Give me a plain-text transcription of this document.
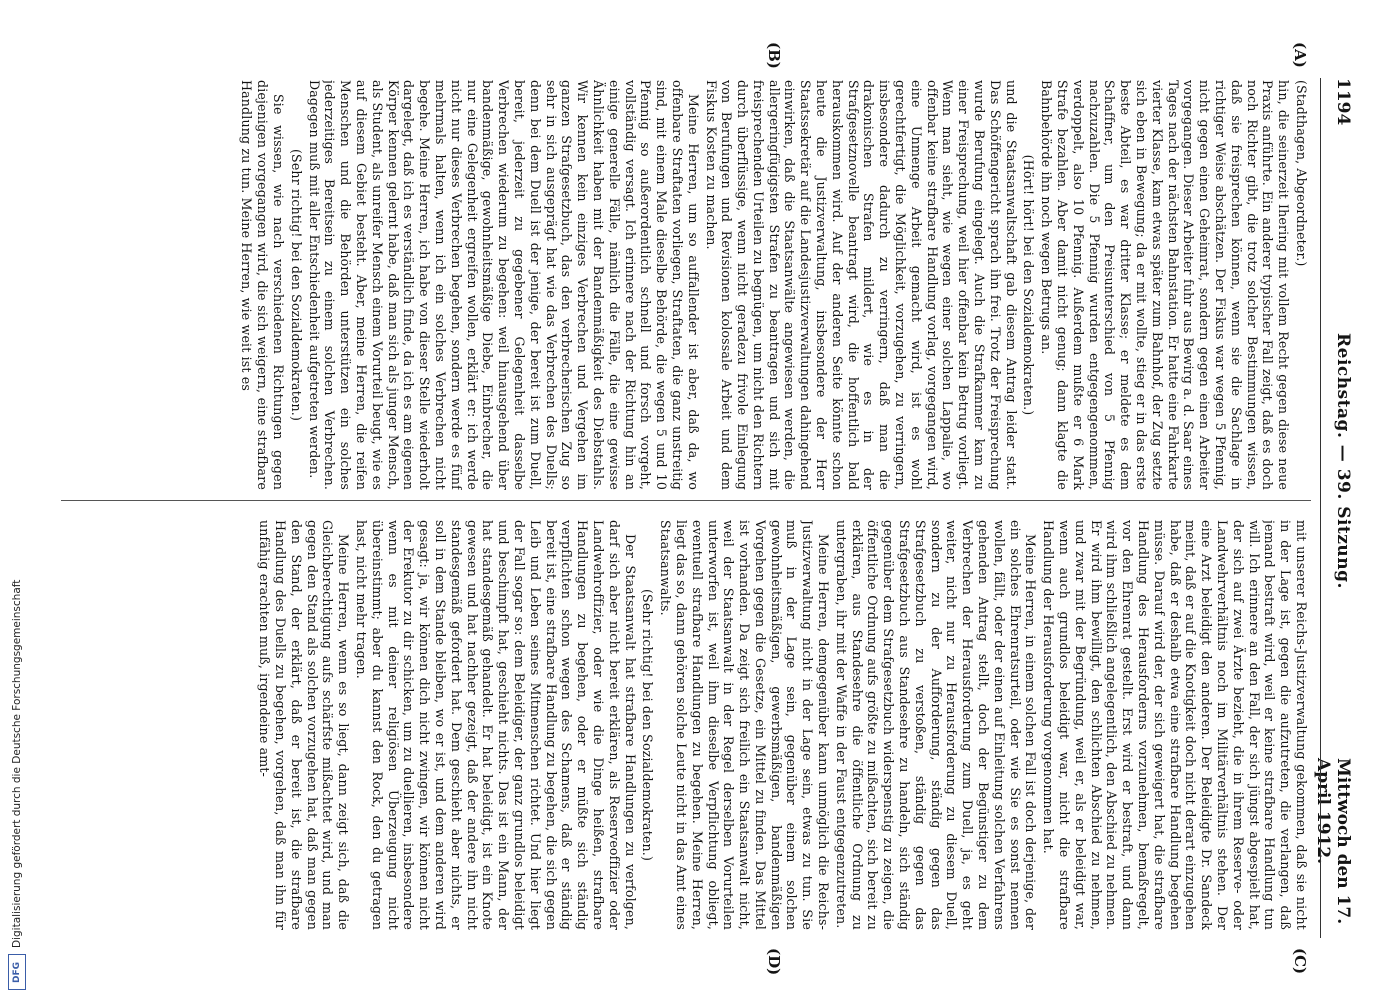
DFG
Digitalisierung gefördert durch die Deutsche Forschungsgemeinschaft
1194
Reichstag. — 39. Sitzung.
Mittwoch den 17. April 1912.
(A)
(B)
(C)
(D)

(Stadthagen, Abgeordneter.)

hin, die seinerzeit Ihering mit vollem Recht gegen diese neue Praxis anführte. Ein anderer typischer Fall zeigt, daß es doch noch Richter gibt, die trotz solcher Bestimmungen wissen, daß sie freisprechen können, wenn sie die Sachlage in richtiger Weise abschätzen. Der Fiskus war wegen 5 Pfennig, nicht gegen einen Geheimrat, sondern gegen einen Arbeiter vorgegangen. Dieser Arbeiter fuhr aus Bewirg a. d. Saar eines Tages nach der nächsten Bahnstation. Er hatte eine Fahrkarte vierter Klasse, kam etwas später zum Bahnhof, der Zug setzte sich eben in Bewegung; da er mit wollte, stieg er in das erste beste Abteil, es war dritter Klasse; er meldete es dem Schaffner, um den Preisunterschied von 5 Pfennig nachzuzahlen. Die 5 Pfennig wurden entgegengenommen, verdoppelt, also 10 Pfennig. Außerdem mußte er 6 Mark Strafe bezahlen. Aber damit nicht genug; dann klagte die Bahnbehörde ihn noch wegen Betrugs an.

(Hört! hört! bei den Sozialdemokraten.)

und die Staatsanwaltschaft gab diesem Antrag leider statt. Das Schöffengericht sprach ihn frei. Trotz der Freisprechung wurde Berufung eingelegt. Auch die Strafkammer kam zu einer Freisprechung, weil hier offenbar kein Betrug vorliegt. Wenn man sieht, wie wegen einer solchen Lappalie, wo offenbar keine strafbare Handlung vorlag, vorgegangen wird, eine Unmenge Arbeit gemacht wird, ist es wohl gerechtfertigt, die Möglichkeit, vorzugehen, zu verringern, insbesondere dadurch zu verringern, daß man die drakonischen Strafen mildert, wie es in der Strafgesetznovelle beantragt wird, die hoffentlich bald herauskommen wird. Auf der anderen Seite könnte schon heute die Justizverwaltung, insbesondere der Herr Staatssekretär auf die Landesjustizverwaltungen dahingehend einwirken, daß die Staatsanwälte angewiesen werden, die allergeringfügigsten Strafen zu beantragen und sich mit freisprechenden Urteilen zu begnügen, um nicht den Richtern durch überflüssige, wenn nicht geradezu frivole Einlegung von Berufungen und Revisionen kolossale Arbeit und dem Fiskus Kosten zu machen.

Meine Herren, um so auffallender ist aber, daß da, wo offenbare Straftaten vorliegen, Straftaten, die ganz unstreitig sind, mit einem Male dieselbe Behörde, die wegen 5 und 10 Pfennig so außerordentlich schnell und forsch vorgeht, vollständig versagt. Ich erinnere nach der Richtung hin an einige generelle Fälle, nämlich die Fälle, die eine gewisse Ähnlichkeit haben mit der Bandenmäßigkeit des Diebstahls. Wir kennen kein einziges Verbrechen und Vergehen im ganzen Strafgesetzbuch, das den verbrecherischen Zug so sehr in sich ausgeprägt hat wie das Verbrechen des Duells; denn bei dem Duell ist der jenige, der bereit ist zum Duell, bereit, jederzeit zu gegebener Gelegenheit dasselbe Verbrechen wiederum zu begehen: weil hinausgehend über bandenmäßige, gewohnheitsmäßige Diebe, Einbrecher, die nur eine Gelegenheit ergreifen wollen, erklärt er: ich werde nicht nur dieses Verbrechen begehen, sondern werde es fünf mehrmals halten, wenn ich ein solches Verbrechen nicht begehe. Meine Herren, ich habe von dieser Stelle wiederholt dargelegt, daß ich es verständlich finde, da ich es am eigenen Körper kennen gelernt habe, daß man sich als junger Mensch, als Student, als unreifer Mensch einem Vorurteil beugt, wie es auf diesem Gebiet besteht. Aber, meine Herren, die reifen Menschen und die Behörden unterstützen ein solches jederzeitiges Bereitsein zu einem solchen Verbrechen. Dagegen muß mit aller Entschiedenheit aufgetreten werden.

(Sehr richtig! bei den Sozialdemokraten.)

Sie wissen, wie nach verschiedenen Richtungen gegen diejenigen vorgegangen wird, die sich weigern, eine strafbare Handlung zu tun. Meine Herren, wie weit ist es

mit unserer Reichs-Justizverwaltung gekommen, daß sie nicht in der Lage ist, gegen die aufzutreten, die verlangen, daß jemand bestraft wird, weil er keine strafbare Handlung tun will. Ich erinnere an den Fall, der sich jüngst abgespielt hat, der sich auf zwei Ärzte bezieht, die in ihrem Reserve- oder Landwehrverhältnis noch im Militärverhältnis stehen. Der eine Arzt beleidigt den anderen. Der Beleidigte Dr. Sandeck meint, daß er auf die Knotigkeit doch nicht derart einzugehen habe, daß er deshalb etwa eine strafbare Handlung begehen müsse. Darauf wird der, der sich geweigert hat, die strafbare Handlung des Herausforderns vorzunehmen, bemaßregelt, vor den Ehrenrat gestellt. Erst wird er bestraft, und dann wird ihm schließlich angelegentlich, den Abschied zu nehmen. Er wird ihm bewilligt, den schlichten Abschied zu nehmen, und zwar mit der Begründung, weil er, als er beleidigt war, wenn auch grundlos beleidigt war, nicht die strafbare Handlung der Herausforderung vorgenommen hat.

Meine Herren, in einem solchen Fall ist doch derjenige, der ein solches Ehrenratsurteil, oder wie Sie es sonst nennen wollen, fällt, oder der einen auf Einleitung solchen Verfahrens gehenden Antrag stellt, doch der Begünstiger zu dem Verbrechen der Herausforderung zum Duell, ja, es geht weiter, nicht nur zu Herausforderung zu diesem Duell, sondern zu der Aufforderung, ständig gegen das Strafgesetzbuch zu verstoßen, ständig gegen das Strafgesetzbuch aus Standesehre zu handeln, sich ständig gegenüber dem Strafgesetzbuch widerspenstig zu zeigen, die öffentliche Ordnung aufs größte zu mißachten, sich bereit zu erklären, aus Standesehre die öffentliche Ordnung zu untergraben, ihr mit der Waffe in der Faust entgegenzutreten.

Meine Herren, demgegenüber kann unmöglich die Reichs-Justizverwaltung nicht in der Lage sein, etwas zu tun. Sie muß in der Lage sein, gegenüber einem solchen gewohnheitsmäßigen, gewerbsmäßigen, bandenmäßigen Vorgehen gegen die Gesetze, ein Mittel zu finden. Das Mittel ist vorhanden. Da zeigt sich freilich ein Staatsanwalt nicht, weil der Staatsanwalt in der Regel derselben Vorurteilen unterworfen ist, weil ihm dieselbe Verpflichtung obliegt, eventuell strafbare Handlungen zu begehen. Meine Herren, liegt das so, dann gehören solche Leute nicht in das Amt eines Staatsanwalts.

(Sehr richtig! bei den Sozialdemokraten.)

Der Staatsanwalt hat strafbare Handlungen zu verfolgen, darf sich aber nicht bereit erklären, als Reserveoffizier oder Landwehroffizier, oder wie die Dinge heißen, strafbare Handlungen zu begehen, oder er müßte sich ständig verpflichten schon wegen des Schamens, daß er ständig bereit ist, eine strafbare Handlung zu begehen, die sich gegen Leib und Leben seines Mitmenschen richtet. Und hier liegt der Fall sogar so: dem Beleidiger, der ganz grundlos beleidigt und beschimpft hat, geschieht nichts. Das ist ein Mann, der hat standesgemäß gehandelt. Er hat beleidigt, ist ein Knote gewesen und hat nachher gezeigt, daß der andere ihn nicht standesgemäß gefordert hat. Dem geschieht aber nichts, er soll in dem Stande bleiben, wo er ist, und dem anderen wird gesagt: ja, wir können dich nicht zwingen, wir können nicht der Erekutor zu dir schicken, um zu duellieren, insbesondere wenn es mit deiner religiösen Überzeugung nicht übereinstimmt; aber du kannst den Rock, den du getragen hast, nicht mehr tragen.

Meine Herren, wenn es so liegt, dann zeigt sich, daß die Gleichberechtigung aufs schärfste mißachtet wird, und man gegen den Stand als solchen vorzugehen hat, daß man gegen den Stand, der erklärt, daß er bereit ist, die strafbare Handlung des Duells zu begehen, vorgehen, daß man ihn für unfähig erachten muß, irgendeine amt-
